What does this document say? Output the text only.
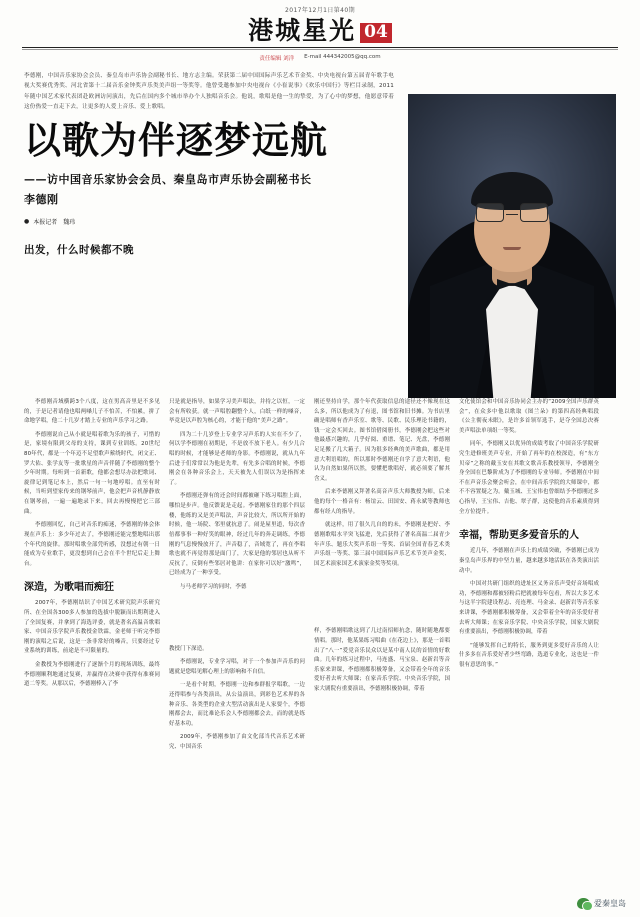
2017年12月1日第40期
港城星光 04
责任编辑 刘洋 E-mail 444342005@qq.com
李德刚，中国音乐家协会会员、秦皇岛市声乐协会副秘书长、地方志主编。荣获第二届中国国际声乐艺术节金奖、中央电视台第五届青年歌手电视大奖赛优秀奖、河北省第十二届音乐金钟奖声乐类美声组一等奖等。他曾受邀参加中央电视台《小崔说事》《欢乐中国行》等栏目录制，2011年随中国艺术家代表团赴欧洲访问演出，先后在国内多个城市举办个人独唱音乐会。他说，歌唱是他一生的挚爱，为了心中的梦想，他愿意带着这份热爱一直走下去，让更多的人爱上音乐、爱上歌唱。
以歌为伴逐梦远航
——访中国音乐家协会会员、秦皇岛市声乐协会副秘书长
李德刚
● 本报记者　魏玮
出发，什么时候都不晚

李德刚音域横跨3个八度，这在男高音里是不多见的，于是记者请他也唱两嗓儿子不怕苦，不怕累，拼了命地学唱，他二十几岁才踏上专业的声乐学习之路。

李德刚说自己从小就是唱着歌为乐的孩子，可惜的是，家境有限到父母的支持，课到专业训练。20世纪80年代，都是一个年迈不足望歌声萦绕时代，闭文正、罗大佑、张学友等一批歌星的声音伴随了李德刚的整个少年时期。每听到一首新歌，他都会想尽办法把歌词、旋律记到笔记本上，然后一句一句地哼唱。直至有时候，当听到望家传来的钢琴前声，他会把声音机静静放在钢琴前，一遍一遍地录下来，回去再慢慢把它三部曲。

李德刚回忆，自己对音乐的痴迷，李德刚的体会体现在声乐上：多少年过去了，李德刚还能完整地唱出那个年代的旋律。那时唱歌全部凭听感，没想过有朝一日能成为专业歌手，更没想到自己会在半个世纪后走上舞台。

深造，为歌唱而痴狂

2007年，李德刚结识了中国艺术研究院声乐研究所、在全国各300多人参加的选拔中脱颖而出期利进入了全国复赛，并拿到了海选评委，就是著名高温音歌唱家、中国音乐学院声乐教授金铁霖，金老师于听完李德刚的演唱之后说，这是一条非常好的嗓音，只要经过专业系统的训练，前途是不可限量的。

金教授为李德刚进行了逐渐个月的现场训练，最终李德刚顺利地通过复赛，并赢得在决赛中获得有准赛同道二等奖。从那以后，李德刚棒入了李

只是就是指导，如果学习美声唱法，并持之以恒，一定会有所收获。就一声唱腔翻整个人，白纸一样的嗓音，毕竟是以声腔为核心的，才能于他的“美声之路”。

四为二十几岁登上专业学习声乐的人实在不少了，何以学李德刚在初期是，不是放不放下老人。有少儿合唱的时候，才能够是老师的身影。李德刚说，就从九年后进于们常常以为他是先辈，有先多合唱的时候，李德刚会在各种音乐会上，天天被先人们误以为是指挥来了。

李德刚还弹有的还会时间都被砸下练习唱腔上面，哪怕是步声。他反馈说是走起。李德刚家住的那个四层楼，他练的又是美声唱法，声音比较大，所以所开始的时候，他一场院、邻里就抗意了。闹是屋里道，每次香倍都事事一种好笑的眼神，经过几年的奔走调练，李德刚的气息慢慢放开了，声音稳了，音域宽了，再在李唱歌也就不再觉得那是面门了，大家是他的邻居也从听不反抗了，反倒有些邻居对他讲：在家你可以好“激鸣”，已经成为了一种享受。

与马老师学习的同时，李德

教授门下深造。

李德刚说，专业学习唱，对于一个参加声音乐的问题就是您唱见解心理上的影响和不自信。

一是看个时期，李德刚一边和参群报学唱歌，一边还得唱参与各类演出，从公益演出，到彩色艺术界的各种音乐、各类型的企业大型活动演出是人家要个，李德刚都会去，而比难论乐会人李德刚都会去，而的就是练好基本功。

2009年，李德刚参加了由文化部当代音乐艺术研究、中国音乐

刚还坚持自学，那个年代获取信息的途径还不像现在这么多，所以他成为了有退，图书馆和旧书摊。为书店里确是唱师有香声乐室、歌等、民歌、民乐理论书籍的，钱一定会买回去。图书馆借阅册书，李德刚会把这些对他最感兴趣的，几乎好阅、重谱、笔记、光盘，李德刚足足搬了几大箱子。因为很多经典的美声歌曲，都是用意大利语唱的，所以那时李德刚还自学了意大利语，他认为自然如果所以然，要懂把歌唱好，就必须要了解其含义。

后来李德刚又拜著名高音声乐大师教授为师，后来他的每个一格音有：杨谊云、田国安、蒋永斌等教师也都有经人的指导。

就这样，用了很久几自的的未，李德刚是把好、李德刚歌唱水平突飞猛进，先后获得了著名高温二届青少年声乐、题乐大奖声乐组一等奖、首届全国青春艺术类声乐组一等奖、第三届中国国际声乐艺术节美声金奖、国艺术演家国艺术演家金奖等奖项。

样，李德刚唱歌这到了几过南招师抗念，随时随地都要情唱。那时，他某果练习唱曲《在花边上》，那是一首唱出了“八一”爱党音乐民众以是某中南人民的首情的好歌曲。几年的练习过程中，马连盛、马宝泉、赵新岩等音乐家来讲课，李德刚都积极筹备，又会带着全年的音乐爱好者去听大师课；在家音乐学院、中央音乐学院，国家大剧院有重要演出，李德刚积极协调，带着

文化使馆会和中国音乐协同会主办的“2009全国声乐群英会”，在众多中他以歌取《图兰朵》的第四高经典唱段《公主彻夜未眠》，是许多首领军选手，是夺全国总决赛美声唱法单项组一等奖。

同年，李德刚又以优异的成绩考取了中国音乐学院研究生进修班美声专业，开始了再年的在校深造，有“东方贝帝”之称的戴玉安在其歌文歌音乐教授领导，李德刚全身全国在巴黎阶成为了李德刚的专业导师。李德刚在中间不在声音乐会聚会听会，在中间音乐学院的大师课中，都不不容置疑之为。戴玉城、王宝伟也曾细结予李德刚过多心指导，王宝伟、吉他、翠子群，这使他的音乐素质得到全方位提升。

幸福，帮助更多爱音乐的人

近几年，李德刚在声乐上的成绩突破，李德刚已成为秦皇岛声乐界的中坚力量，越来越多地活跃在各类演出活动中。

中国对共研门组织的进址区义务音乐声受好音场唱成功，李德刚和都被轻粉后把就被每年包看，所以大多艺术与这半字院建设程志、亮连理、马金录、赵新岩等音乐家来讲课，李德刚都积极筹备，又会带着全年的音乐爱好者去听大师课；在家音乐学院、中央音乐学院，国家大剧院有重要演出，李德刚积极协调，带着

“能够发挥自己的特长，服务到更多爱好音乐的人让什多多在音乐爱好者少些弯路，选道专业化，这也是一件很有意思的事。”

爱秦皇岛
